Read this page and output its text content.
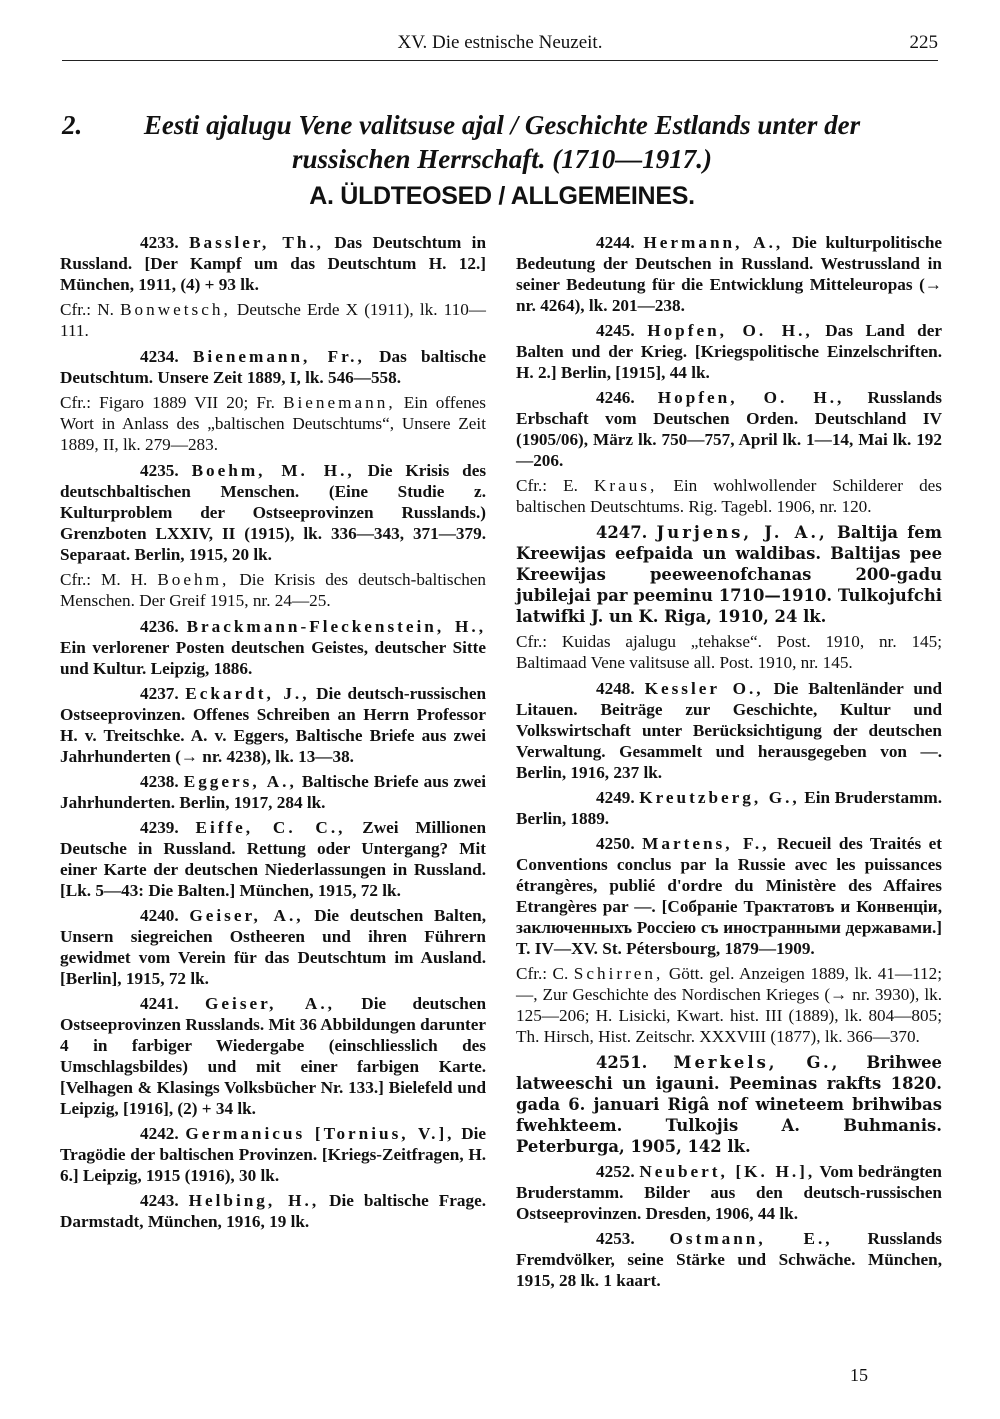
XV. Die estnische Neuzeit.	225
2.	Eesti ajalugu Vene valitsuse ajal / Geschichte Estlands unter der russischen Herrschaft. (1710—1917.)
A. ÜLDTEOSED / ALLGEMEINES.

4233. Bassler, Th., Das Deutschtum in Russland. [Der Kampf um das Deutschtum H. 12.] München, 1911, (4) + 93 lk.

Cfr.: N. Bonwetsch, Deutsche Erde X (1911), lk. 110—111.

4234. Bienemann, Fr., Das baltische Deutschtum. Unsere Zeit 1889, I, lk. 546—558.

Cfr.: Figaro 1889 VII 20; Fr. Bienemann, Ein offenes Wort in Anlass des „baltischen Deutschtums“, Unsere Zeit 1889, II, lk. 279—283.

4235. Boehm, M. H., Die Krisis des deutschbaltischen Menschen. (Eine Studie z. Kulturproblem der Ostseeprovinzen Russlands.) Grenzboten LXXIV, II (1915), lk. 336—343, 371—379. Separaat. Berlin, 1915, 20 lk.

Cfr.: M. H. Boehm, Die Krisis des deutsch-baltischen Menschen. Der Greif 1915, nr. 24—25.

4236. Brackmann-Fleckenstein, H., Ein verlorener Posten deutschen Geistes, deutscher Sitte und Kultur. Leipzig, 1886.

4237. Eckardt, J., Die deutsch-russischen Ostseeprovinzen. Offenes Schreiben an Herrn Professor H. v. Treitschke. A. v. Eggers, Baltische Briefe aus zwei Jahrhunderten (→ nr. 4238), lk. 13—38.

4238. Eggers, A., Baltische Briefe aus zwei Jahrhunderten. Berlin, 1917, 284 lk.

4239. Eiffe, C. C., Zwei Millionen Deutsche in Russland. Rettung oder Untergang? Mit einer Karte der deutschen Niederlassungen in Russland. [Lk. 5—43: Die Balten.] München, 1915, 72 lk.

4240. Geiser, A., Die deutschen Balten, Unsern siegreichen Ostheeren und ihren Führern gewidmet vom Verein für das Deutschtum im Ausland. [Berlin], 1915, 72 lk.

4241. Geiser, A., Die deutschen Ostseeprovinzen Russlands. Mit 36 Abbildungen darunter 4 in farbiger Wiedergabe (einschliesslich des Umschlagsbildes) und mit einer farbigen Karte. [Velhagen & Klasings Volksbücher Nr. 133.] Bielefeld und Leipzig, [1916], (2) + 34 lk.

4242. Germanicus [Tornius, V.], Die Tragödie der baltischen Provinzen. [Kriegs-Zeitfragen, H. 6.] Leipzig, 1915 (1916), 30 lk.

4243. Helbing, H., Die baltische Frage. Darmstadt, München, 1916, 19 lk.

4244. Hermann, A., Die kulturpolitische Bedeutung der Deutschen in Russland. Westrussland in seiner Bedeutung für die Entwicklung Mitteleuropas (→ nr. 4264), lk. 201—238.

4245. Hopfen, O. H., Das Land der Balten und der Krieg. [Kriegspolitische Einzelschriften. H. 2.] Berlin, [1915], 44 lk.

4246. Hopfen, O. H., Russlands Erbschaft vom Deutschen Orden. Deutschland IV (1905/06), März lk. 750—757, April lk. 1—14, Mai lk. 192—206.

Cfr.: E. Kraus, Ein wohlwollender Schilderer des baltischen Deutschtums. Rig. Tagebl. 1906, nr. 120.

4247. Jurjens, J. A., Baltija fem Kreewijas eefpaida un waldibas. Baltijas pee Kreewijas peeweenofchanas 200-gadu jubilejai par peeminu 1710—1910. Tulkojufchi latwifki J. un K. Riga, 1910, 24 lk.

Cfr.: Kuidas ajalugu „tehakse“. Post. 1910, nr. 145; Baltimaad Vene valitsuse all. Post. 1910, nr. 145.

4248. Kessler O., Die Baltenländer und Litauen. Beiträge zur Geschichte, Kultur und Volkswirtschaft unter Berücksichtigung der deutschen Verwaltung. Gesammelt und herausgegeben von —. Berlin, 1916, 237 lk.

4249. Kreutzberg, G., Ein Bruderstamm. Berlin, 1889.

4250. Martens, F., Recueil des Traités et Conventions conclus par la Russie avec les puissances étrangères, publié d'ordre du Ministère des Affaires Etrangères par —. [Собранiе Трактатовъ и Конвенцiи, заключенныхъ Россiею съ иностранными державами.] T. IV—XV. St. Pétersbourg, 1879—1909.

Cfr.: C. Schirren, Gött. gel. Anzeigen 1889, lk. 41—112; —, Zur Geschichte des Nordischen Krieges (→ nr. 3930), lk. 125—206; H. Lisicki, Kwart. hist. III (1889), lk. 804—805; Th. Hirsch, Hist. Zeitschr. XXXVIII (1877), lk. 366—370.

4251. Merkels, G., Brihwee latweeschi un igauni. Peeminas rakfts 1820. gada 6. januari Rigâ nof wineteem brihwibas fwehkteem. Tulkojis A. Buhmanis. Peterburga, 1905, 142 lk.

4252. Neubert, [K. H.], Vom bedrängten Bruderstamm. Bilder aus den deutsch-russischen Ostseeprovinzen. Dresden, 1906, 44 lk.

4253. Ostmann, E., Russlands Fremdvölker, seine Stärke und Schwäche. München, 1915, 28 lk. 1 kaart.

15
